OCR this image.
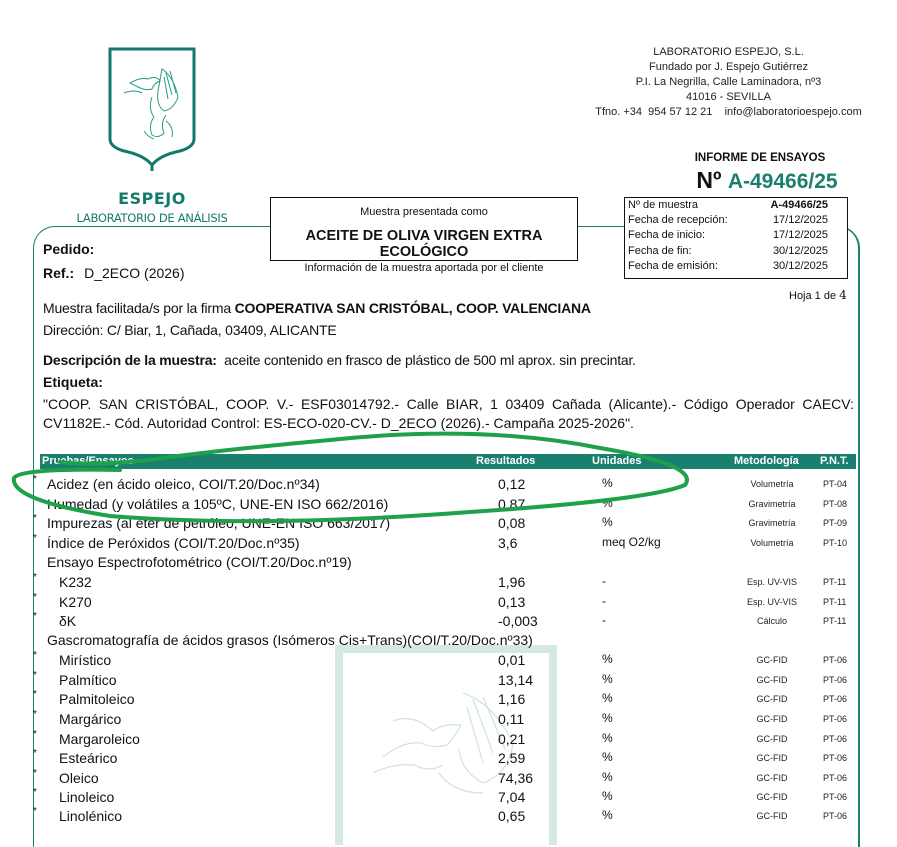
ESPEJO
LABORATORIO DE ANÁLISIS
LABORATORIO ESPEJO, S.L.
Fundado por J. Espejo Gutiérrez
P.I. La Negrilla, Calle Laminadora, nº3
41016 - SEVILLA
Tfno. +34  954 57 12 21    info@laboratorioespejo.com
INFORME DE ENSAYOS
Nº A-49466/25
Muestra presentada como
ACEITE DE OLIVA VIRGEN EXTRA
ECOLÓGICO
Información de la muestra aportada por el cliente
Nº de muestra	A-49466/25
Fecha de recepción:	17/12/2025
Fecha de inicio:	17/12/2025
Fecha de fin:	30/12/2025
Fecha de emisión:	30/12/2025
Pedido:
Ref.: D_2ECO (2026)
Hoja 1 de 4
Muestra facilitada/s por la firma COOPERATIVA SAN CRISTÓBAL, COOP. VALENCIANA
Dirección: C/ Biar, 1, Cañada, 03409, ALICANTE
Descripción de la muestra: aceite contenido en frasco de plástico de 500 ml aprox. sin precintar.
Etiqueta:
"COOP. SAN CRISTÓBAL, COOP. V.- ESF03014792.- Calle BIAR, 1 03409 Cañada (Alicante).- Código Operador CAECV: CV1182E.- Cód. Autoridad Control: ES-ECO-020-CV.- D_2ECO (2026).- Campaña 2025-2026".
Pruebas/Ensayos	Resultados	Unidades	Metodología P.N.T.
* Acidez (en ácido oleico, COI/T.20/Doc.nº34)	0,12	%	Volumetría	PT-04
Humedad (y volátiles a 105ºC, UNE-EN ISO 662/2016)	0,87	%	Gravimetría	PT-08
* Impurezas (al éter de petróleo, UNE-EN ISO 663/2017)	0,08	%	Gravimetría	PT-09
* Índice de Peróxidos (COI/T.20/Doc.nº35)	3,6	meq O2/kg	Volumetría	PT-10
Ensayo Espectrofotométrico (COI/T.20/Doc.nº19)
* K232	1,96	-	Esp. UV-VIS	PT-11
* K270	0,13	-	Esp. UV-VIS	PT-11
* δK	-0,003	-	Cálculo	PT-11
Gascromatografía de ácidos grasos (Isómeros Cis+Trans)(COI/T.20/Doc.nº33)
* Mirístico	0,01	%	GC-FID	PT-06
* Palmítico	13,14	%	GC-FID	PT-06
* Palmitoleico	1,16	%	GC-FID	PT-06
* Margárico	0,11	%	GC-FID	PT-06
* Margaroleico	0,21	%	GC-FID	PT-06
* Esteárico	2,59	%	GC-FID	PT-06
* Oleico	74,36	%	GC-FID	PT-06
* Linoleico	7,04	%	GC-FID	PT-06
* Linolénico	0,65	%	GC-FID	PT-06
